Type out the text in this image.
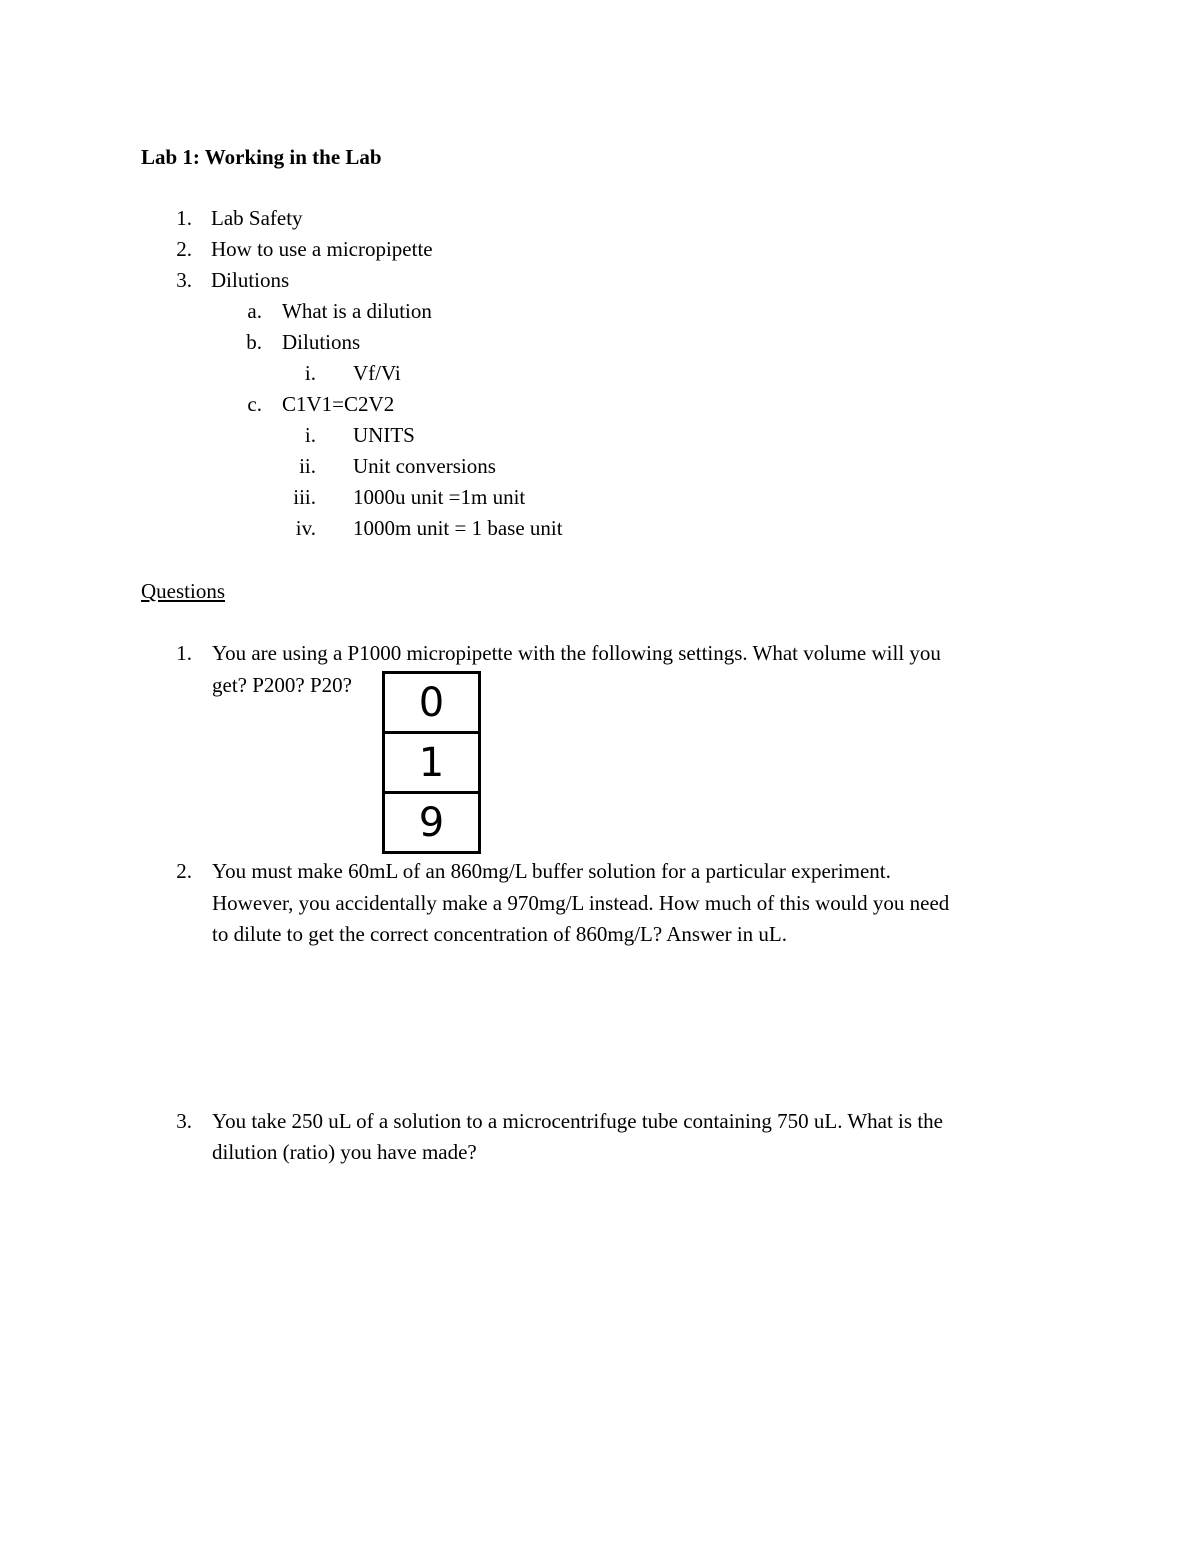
Lab 1: Working in the Lab
1. Lab Safety
2. How to use a micropipette
3. Dilutions
a. What is a dilution
b. Dilutions
i. Vf/Vi
c. C1V1=C2V2
i. UNITS
ii. Unit conversions
iii. 1000u unit =1m unit
iv. 1000m unit = 1 base unit
Questions
1. You are using a P1000 micropipette with the following settings. What volume will you
get? P200? P20?	0
1
9
2. You must make 60mL of an 860mg/L buffer solution for a particular experiment.
However, you accidentally make a 970mg/L instead. How much of this would you need
to dilute to get the correct concentration of 860mg/L? Answer in uL.
3. You take 250 uL of a solution to a microcentrifuge tube containing 750 uL. What is the
dilution (ratio) you have made?
